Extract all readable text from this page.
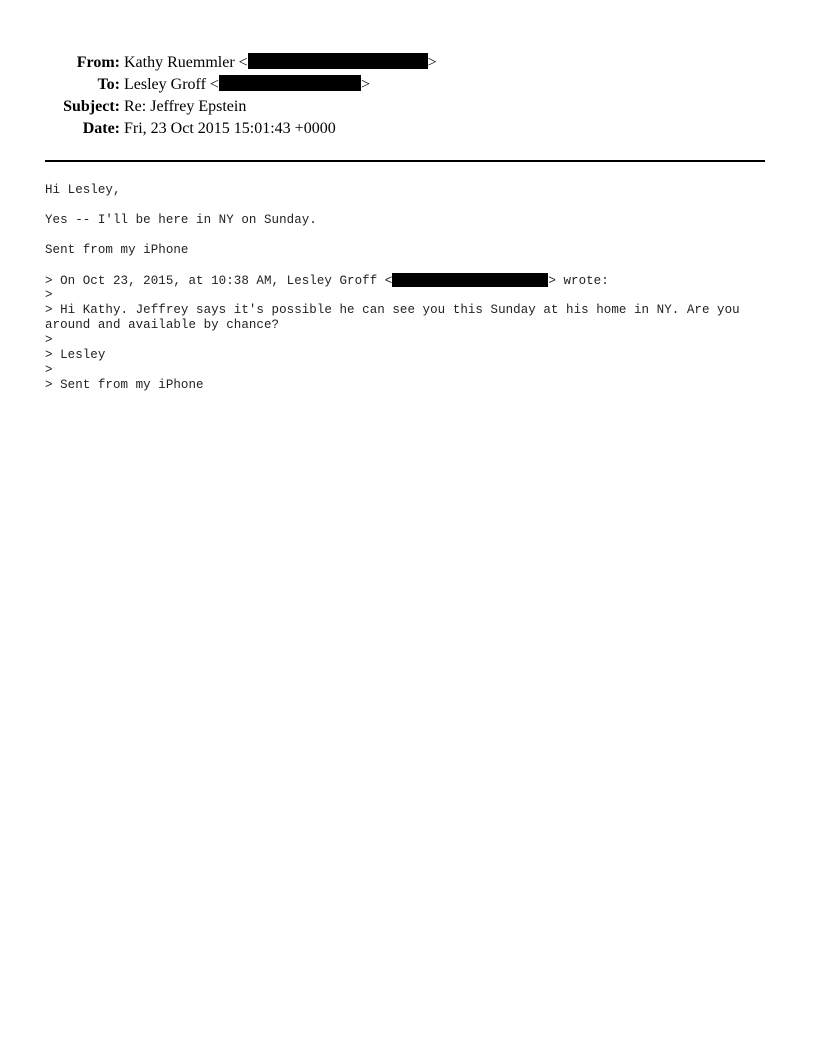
From: Kathy Ruemmler <	>
To: Lesley Groff <	>
Subject: Re: Jeffrey Epstein
Date: Fri, 23 Oct 2015 15:01:43 +0000
Hi Lesley,
Yes -- I'll be here in NY on Sunday.
Sent from my iPhone
> On Oct 23, 2015, at 10:38 AM, Lesley Groff <	> wrote:
>
> Hi Kathy. Jeffrey says it's possible he can see you this Sunday at his home in NY. Are you around and available by chance?
>
> Lesley
>
> Sent from my iPhone
